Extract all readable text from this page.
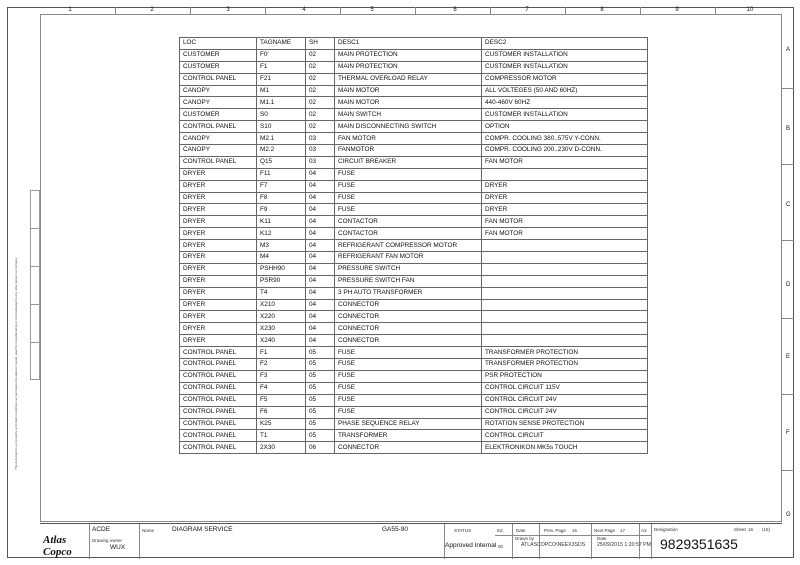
1	2	3	4	5	6	7	8	9	10
A
B
C
D
E
F
G
This document is our property and shall not without our permission be altered, copied, used for manufacturing or communicated to any other person or company
LOC	TAGNAME	SH	DESC1	DESC2
CUSTOMER	F0'	02	MAIN PROTECTION	CUSTOMER INSTALLATION
CUSTOMER	F1	02	MAIN PROTECTION	CUSTOMER INSTALLATION
CONTROL PANEL	F21	02	THERMAL OVERLOAD RELAY	COMPRESSOR MOTOR
CANOPY	M1	02	MAIN MOTOR	ALL VOLTEGES (50 AND 60HZ)
CANOPY	M1.1	02	MAIN MOTOR	440-460V 60HZ
CUSTOMER	S0	02	MAIN SWITCH	CUSTOMER INSTALLATION
CONTROL PANEL	S10	02	MAIN DISCONNECTING SWITCH	OPTION
CANOPY	M2.1	03	FAN MOTOR	COMPR. COOLING 380..575V Y-CONN.
CANOPY	M2.2	03	FANMOTOR	COMPR. COOLING 200..230V D-CONN.
CONTROL PANEL	Q15	03	CIRCUIT BREAKER	FAN MOTOR
DRYER	F11	04	FUSE	
DRYER	F7	04	FUSE	DRYER
DRYER	F8	04	FUSE	DRYER
DRYER	F9	04	FUSE	DRYER
DRYER	K11	04	CONTACTOR	FAN MOTOR
DRYER	K12	04	CONTACTOR	FAN MOTOR
DRYER	M3	04	REFRIGERANT COMPRESSOR MOTOR	
DRYER	M4	04	REFRIGERANT FAN MOTOR	
DRYER	PSHH90	04	PRESSURE SWITCH	
DRYER	PSR90	04	PRESSURE SWITCH FAN	
DRYER	T4	04	3 PH AUTO TRANSFORMER	
DRYER	X210	04	CONNECTOR	
DRYER	X220	04	CONNECTOR	
DRYER	X230	04	CONNECTOR	
DRYER	X240	04	CONNECTOR	
CONTROL PANEL	F1	05	FUSE	TRANSFORMER PROTECTION
CONTROL PANEL	F2	05	FUSE	TRANSFORMER PROTECTION
CONTROL PANEL	F3	05	FUSE	PSR PROTECTION
CONTROL PANEL	F4	05	FUSE	CONTROL CIRCUIT 115V
CONTROL PANEL	F5	05	FUSE	CONTROL CIRCUIT 24V
CONTROL PANEL	F6	05	FUSE	CONTROL CIRCUIT 24V
CONTROL PANEL	K25	05	PHASE SEQUENCE RELAY	ROTATION SENSE PROTECTION
CONTROL PANEL	T1	05	TRANSFORMER	CONTROL CIRCUIT
CONTROL PANEL	2X30	06	CONNECTOR	ELEKTRONIKON MK5s TOUCH
Atlas Copco
ACDE
Drawing owner
WUX
Name	DIAGRAM SERVICE	GA55-90	STATUS
Approved Internal
Ed.
00
Date	Prev. Page 15	Next Page 17	A3 Designation	Sheet 16 (19)
9829351635
Drawn by
ATLASCOPCO\NEEX3SDS
Date
25/09/2015 1:20:57 PM
